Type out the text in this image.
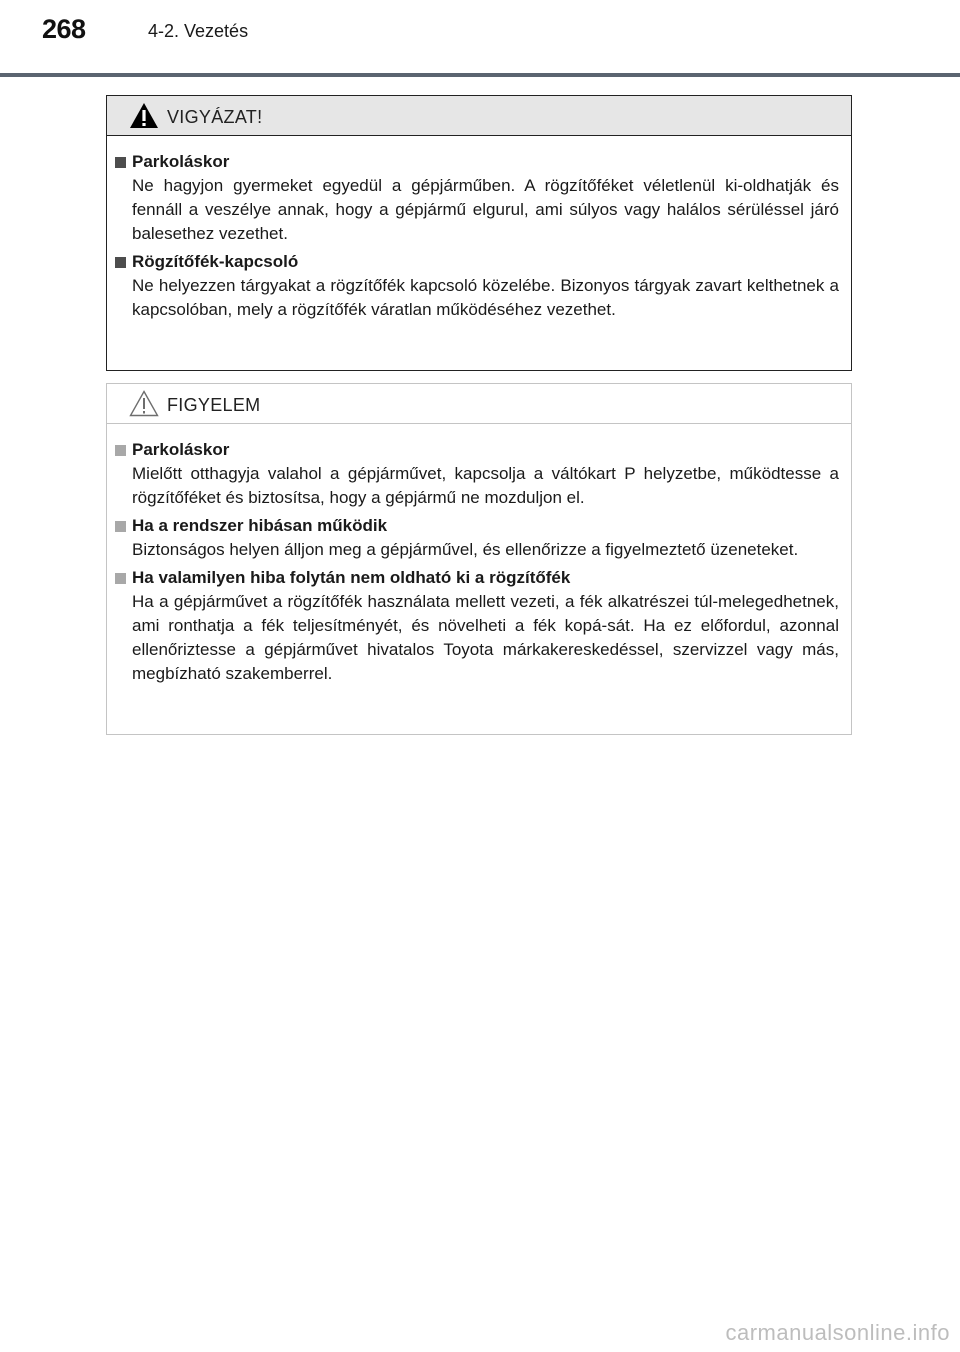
268	4-2. Vezetés
VIGYÁZAT!
Parkoláskor

Ne hagyjon gyermeket egyedül a gépjárműben. A rögzítőféket véletlenül ki-oldhatják és fennáll a veszélye annak, hogy a gépjármű elgurul, ami súlyos vagy halálos sérüléssel járó balesethez vezethet.

Rögzítőfék-kapcsoló

Ne helyezzen tárgyakat a rögzítőfék kapcsoló közelébe. Bizonyos tárgyak zavart kelthetnek a kapcsolóban, mely a rögzítőfék váratlan működéséhez vezethet.

FIGYELEM
Parkoláskor

Mielőtt otthagyja valahol a gépjárművet, kapcsolja a váltókart P helyzetbe, működtesse a rögzítőféket és biztosítsa, hogy a gépjármű ne mozduljon el.

Ha a rendszer hibásan működik

Biztonságos helyen álljon meg a gépjárművel, és ellenőrizze a figyelmeztető üzeneteket.

Ha valamilyen hiba folytán nem oldható ki a rögzítőfék

Ha a gépjárművet a rögzítőfék használata mellett vezeti, a fék alkatrészei túl-melegedhetnek, ami ronthatja a fék teljesítményét, és növelheti a fék kopá-sát. Ha ez előfordul, azonnal ellenőriztesse a gépjárművet hivatalos Toyota márkakereskedéssel, szervizzel vagy más, megbízható szakemberrel.

carmanualsonline.info
